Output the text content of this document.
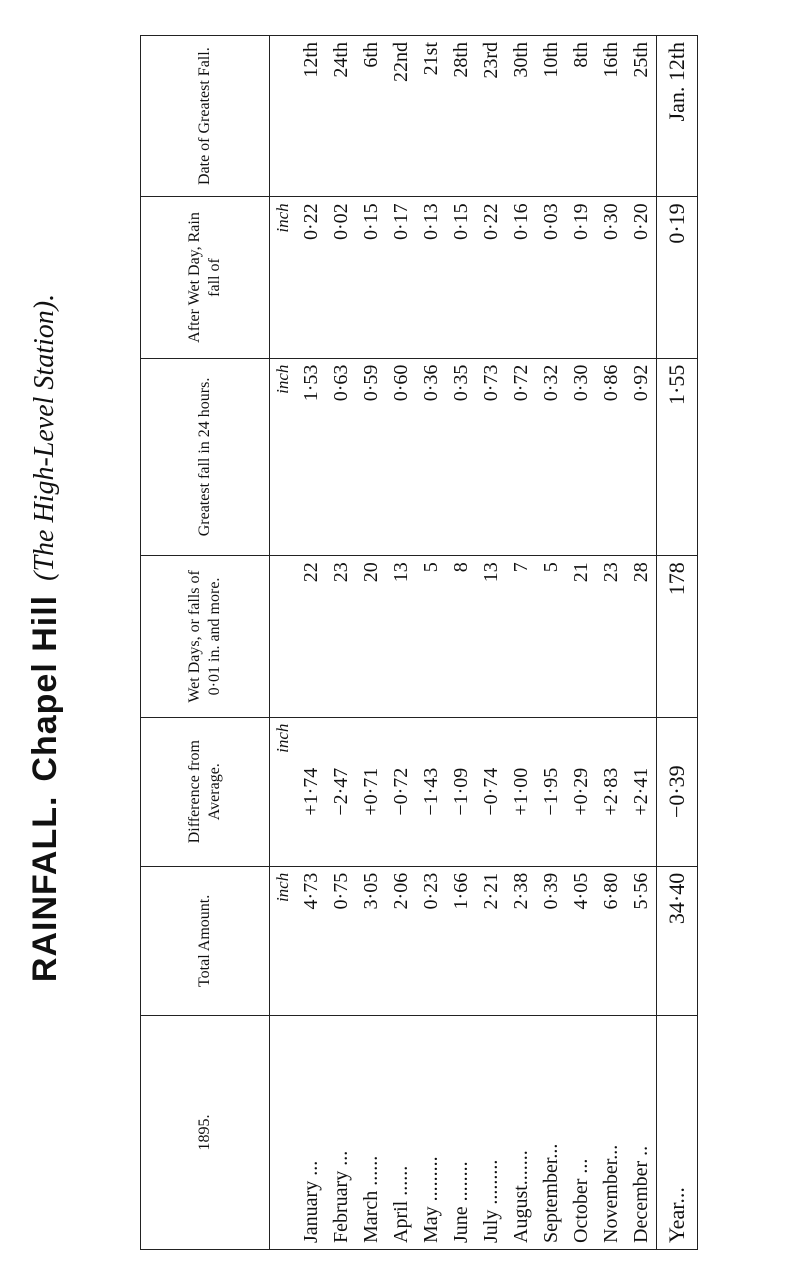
RAINFALL.
Chapel Hill
(The High-Level Station).
1895.	Total Amount.	Difference from Average.	Wet Days, or falls of 0·01 in. and more.	Greatest fall in 24 hours.	After Wet Day, Rain fall of	Date of Greatest Fall.
	inch	inch		inch	inch	
January ...	4·73	+1·74	22	1·53	0·22	12th
February ...	0·75	−2·47	23	0·63	0·02	24th
March ......	3·05	+0·71	20	0·59	0·15	6th
April ......	2·06	−0·72	13	0·60	0·17	22nd
May .........	0·23	−1·43	5	0·36	0·13	21st
June ........	1·66	−1·09	8	0·35	0·15	28th
July .........	2·21	−0·74	13	0·73	0·22	23rd
August.......	2·38	+1·00	7	0·72	0·16	30th
September...	0·39	−1·95	5	0·32	0·03	10th
October ...	4·05	+0·29	21	0·30	0·19	8th
November...	6·80	+2·83	23	0·86	0·30	16th
December ..	5·56	+2·41	28	0·92	0·20	25th
Year...	34·40	−0·39	178	1·55	0·19	Jan. 12th
